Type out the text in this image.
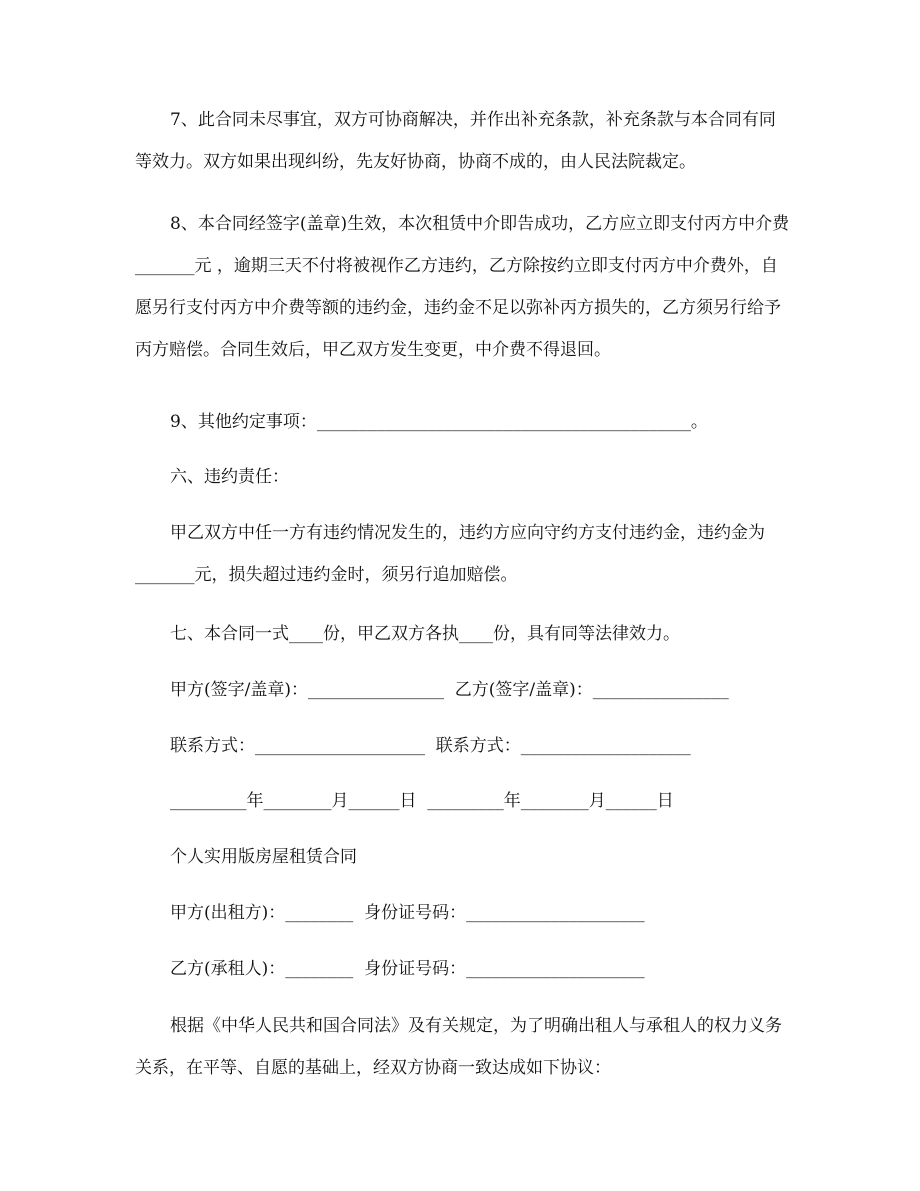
7、此合同未尽事宜，双方可协商解决，并作出补充条款，补充条款与本合同有同等效力。双方如果出现纠纷，先友好协商，协商不成的，由人民法院裁定。

8、本合同经签字(盖章)生效，本次租赁中介即告成功，乙方应立即支付丙方中介费_______元 ，逾期三天不付将被视作乙方违约，乙方除按约立即支付丙方中介费外，自愿另行支付丙方中介费等额的违约金，违约金不足以弥补丙方损失的，乙方须另行给予丙方赔偿。合同生效后，甲乙双方发生变更，中介费不得退回。

9、其他约定事项：____________________________________________。

六、违约责任：

甲乙双方中任一方有违约情况发生的，违约方应向守约方支付违约金，违约金为_______元，损失超过违约金时，须另行追加赔偿。

七、本合同一式____份，甲乙双方各执____份，具有同等法律效力。

甲方(签字/盖章)：________________  乙方(签字/盖章)：________________

联系方式：____________________  联系方式：____________________

_________年________月______日  _________年________月______日

个人实用版房屋租赁合同

甲方(出租方)：________  身份证号码：_____________________

乙方(承租人)：________  身份证号码：_____________________

根据《中华人民共和国合同法》及有关规定，为了明确出租人与承租人的权力义务关系，在平等、自愿的基础上，经双方协商一致达成如下协议：
